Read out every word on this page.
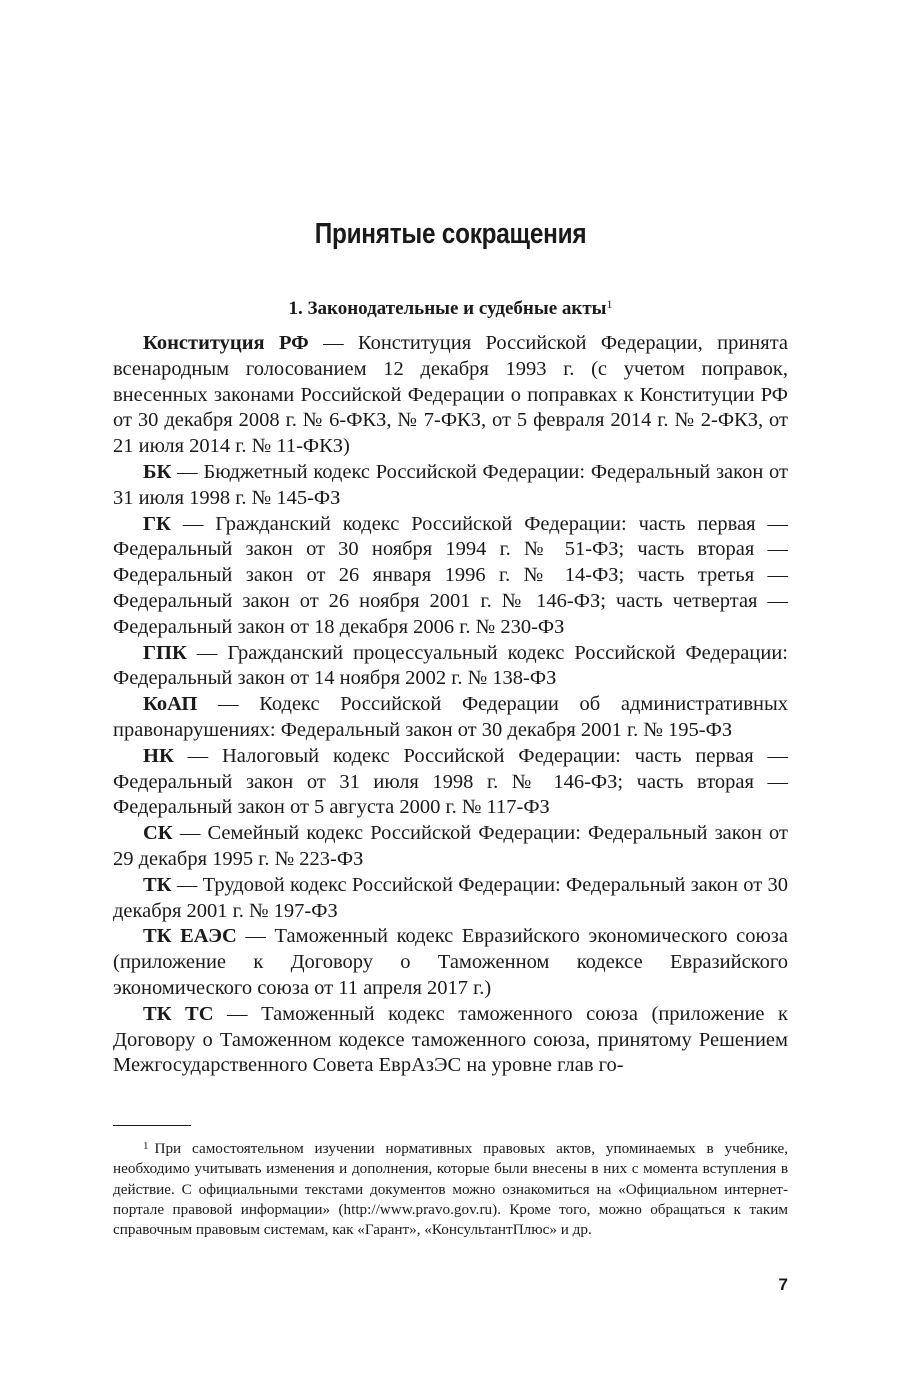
Принятые сокращения
1. Законодательные и судебные акты$^1$

Конституция РФ — Конституция Российской Федерации, принята всенародным голосованием 12 декабря 1993 г. (с учетом поправок, внесенных законами Российской Федерации о поправках к Конституции РФ от 30 декабря 2008 г. № 6-ФКЗ, № 7-ФКЗ, от 5 февраля 2014 г. № 2-ФКЗ, от 21 июля 2014 г. № 11-ФКЗ)

БК — Бюджетный кодекс Российской Федерации: Федеральный закон от 31 июля 1998 г. № 145-ФЗ

ГК — Гражданский кодекс Российской Федерации: часть первая — Федеральный закон от 30 ноября 1994 г. № 51-ФЗ; часть вторая — Федеральный закон от 26 января 1996 г. № 14-ФЗ; часть третья — Федеральный закон от 26 ноября 2001 г. № 146-ФЗ; часть четвертая — Федеральный закон от 18 декабря 2006 г. № 230-ФЗ

ГПК — Гражданский процессуальный кодекс Российской Федерации: Федеральный закон от 14 ноября 2002 г. № 138-ФЗ

КоАП — Кодекс Российской Федерации об административных правонарушениях: Федеральный закон от 30 декабря 2001 г. № 195-ФЗ

НК — Налоговый кодекс Российской Федерации: часть первая — Федеральный закон от 31 июля 1998 г. № 146-ФЗ; часть вторая — Федеральный закон от 5 августа 2000 г. № 117-ФЗ

СК — Семейный кодекс Российской Федерации: Федеральный закон от 29 декабря 1995 г. № 223-ФЗ

ТК — Трудовой кодекс Российской Федерации: Федеральный закон от 30 декабря 2001 г. № 197-ФЗ

ТК ЕАЭС — Таможенный кодекс Евразийского экономического союза (приложение к Договору о Таможенном кодексе Евразийского экономического союза от 11 апреля 2017 г.)

ТК ТС — Таможенный кодекс таможенного союза (приложение к Договору о Таможенном кодексе таможенного союза, принятому Решением Межгосударственного Совета ЕврАзЭС на уровне глав го-

$^1$ При самостоятельном изучении нормативных правовых актов, упоминаемых в учебнике, необходимо учитывать изменения и дополнения, которые были внесены в них с момента вступления в действие. С официальными текстами документов можно ознакомиться на «Официальном интернет-портале правовой информации» (http://www.pravo.gov.ru). Кроме того, можно обращаться к таким справочным правовым системам, как «Гарант», «КонсультантПлюс» и др.

7
